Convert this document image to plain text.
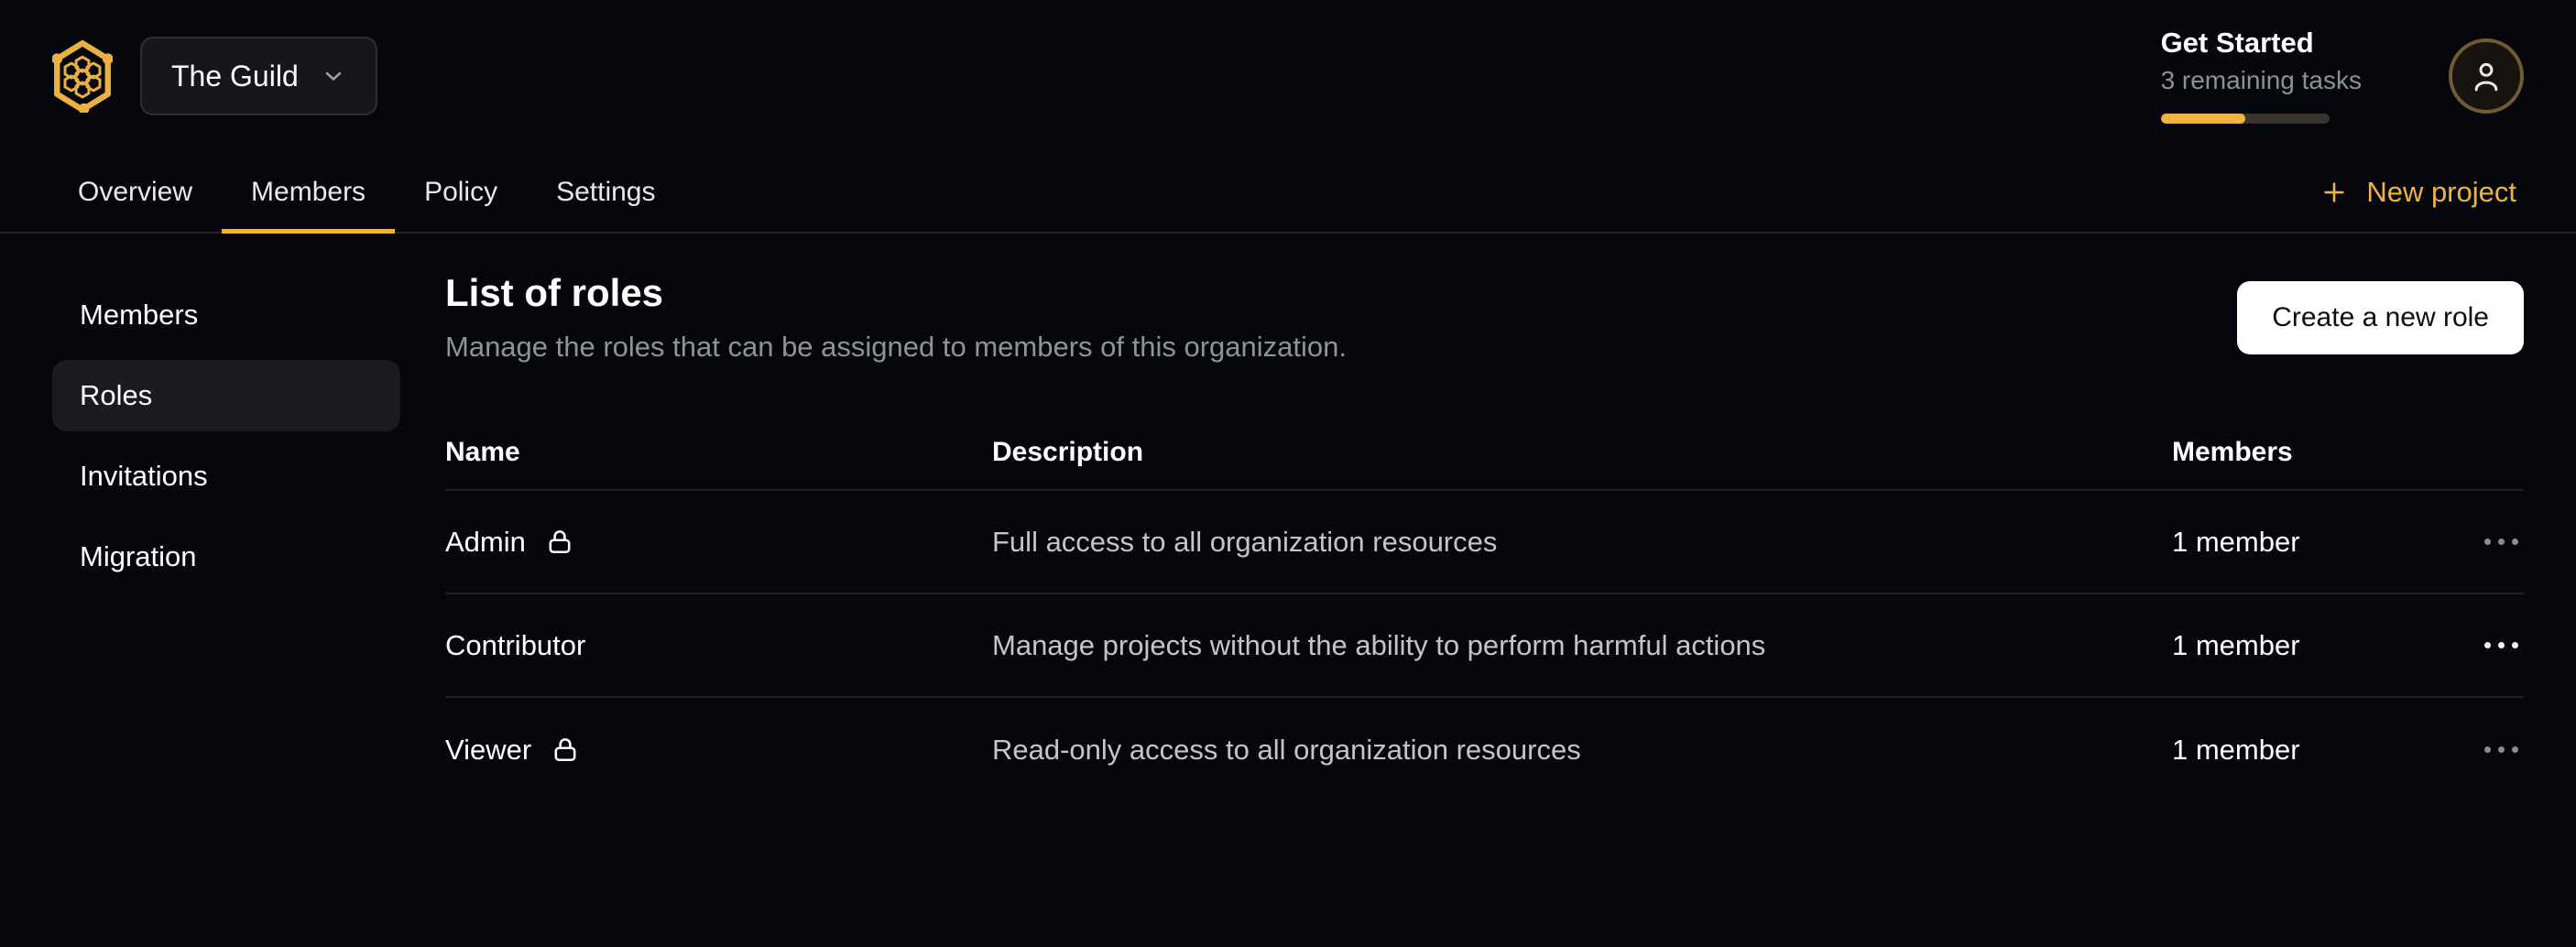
The Guild
Get Started
3 remaining tasks
Overview	Members	Policy	Settings	New project
Members
Roles
Invitations
Migration
List of roles

Manage the roles that can be assigned to members of this organization.

Create a new role
Name	Description	Members
Admin	Full access to all organization resources	1 member
Contributor	Manage projects without the ability to perform harmful actions	1 member
Viewer	Read-only access to all organization resources	1 member
